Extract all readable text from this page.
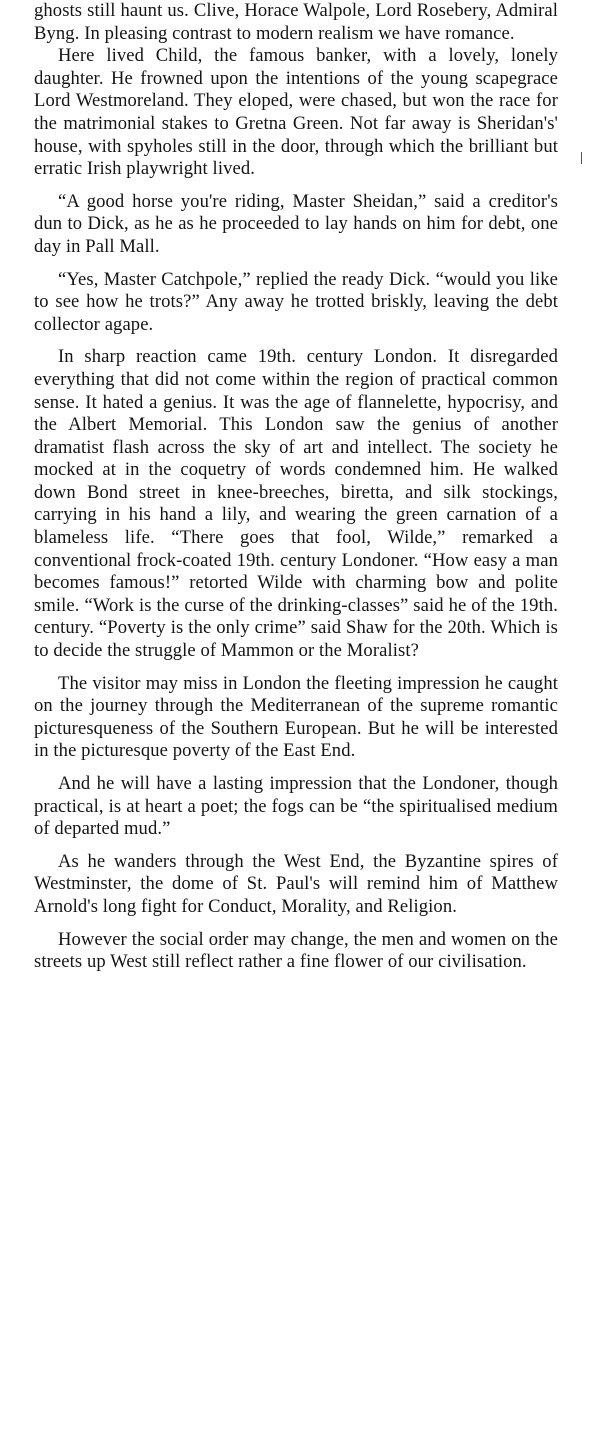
ghosts still haunt us. Clive, Horace Walpole, Lord Rosebery, Admiral Byng. In pleasing contrast to modern realism we have romance.

Here lived Child, the famous banker, with a lovely, lonely daughter. He frowned upon the intentions of the young scapegrace Lord Westmoreland. They eloped, were chased, but won the race for the matrimonial stakes to Gretna Green. Not far away is Sheridan's' house, with spyholes still in the door, through which the brilliant but erratic Irish playwright lived.

“A good horse you're riding, Master Sheidan,” said a creditor's dun to Dick, as he as he proceeded to lay hands on him for debt, one day in Pall Mall.

“Yes, Master Catchpole,” replied the ready Dick. “would you like to see how he trots?” Any away he trotted briskly, leaving the debt collector agape.

In sharp reaction came 19th. century London. It disregarded everything that did not come within the region of practical common sense. It hated a genius. It was the age of flannelette, hypocrisy, and the Albert Memorial. This London saw the genius of another dramatist flash across the sky of art and intellect. The society he mocked at in the coquetry of words condemned him. He walked down Bond street in knee-breeches, biretta, and silk stockings, carrying in his hand a lily, and wearing the green carnation of a blameless life. “There goes that fool, Wilde,” remarked a conventional frock-coated 19th. century Londoner. “How easy a man becomes famous!” retorted Wilde with charming bow and polite smile. “Work is the curse of the drinking-classes” said he of the 19th. century. “Poverty is the only crime” said Shaw for the 20th. Which is to decide the struggle of Mammon or the Moralist?

The visitor may miss in London the fleeting impression he caught on the journey through the Mediterranean of the supreme romantic picturesqueness of the Southern European. But he will be interested in the picturesque poverty of the East End.

And he will have a lasting impression that the Londoner, though practical, is at heart a poet; the fogs can be “the spiritualised medium of departed mud.”

As he wanders through the West End, the Byzantine spires of Westminster, the dome of St. Paul's will remind him of Matthew Arnold's long fight for Conduct, Morality, and Religion.

However the social order may change, the men and women on the streets up West still reflect rather a fine flower of our civilisation.
